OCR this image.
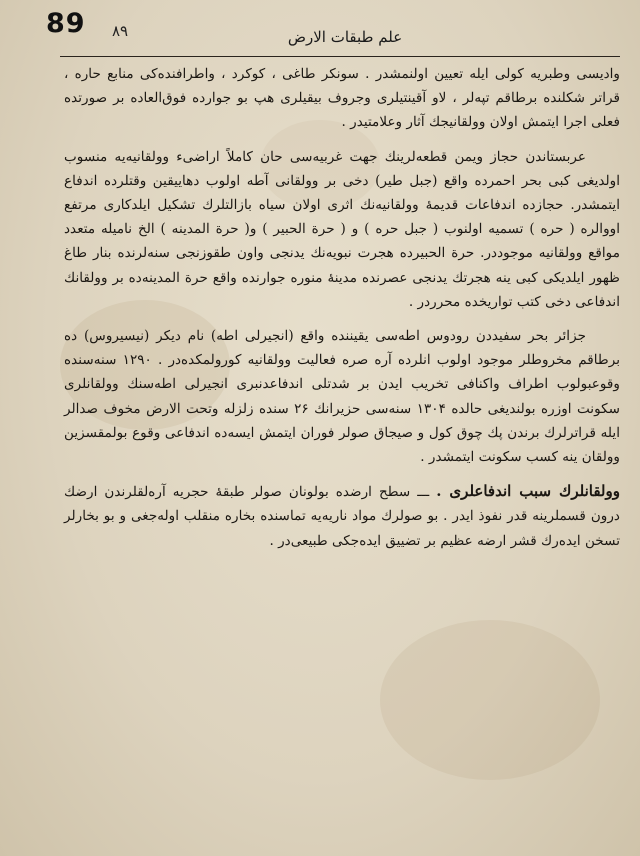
89 ٨٩	علم طبقات الارض

وادیسی وطبریه کولی ایله تعیین اولنمشدر . سونکر طاغی ، کوکرد ، واطرافنده‌کی منابع حاره ، قراتر شکلنده برطاقم تپه‌لر ، لاو آقینتیلری وجروف بیقیلری هپ بو جوارده فوق‌العاده بر صورتده فعلی اجرا ایتمش اولان وولقانیجك آثار وعلامتیدر .

عربستاندن حجاز ویمن قطعه‌لرینك جهت غربیه‌سی حان کاملاً اراضیء وولقانیه‌یه منسوب اولدیغی کبی بحر احمرده واقع (جبل طیر) دخی بر وولقانی آطه اولوب دهاییقین وقتلرده اندفاع ایتمشدر. حجازده اندفاعات قدیمهٔ وولقانیه‌نك اثری اولان سیاه بازالتلرك تشکیل ایلدکاری مرتفع اووا‌لره ( حره ) تسمیه اولنوب ( جبل حره ) و ( حرة الحبیر ) و( حرة المدینه ) الخ نامیله متعدد مواقع وولقانیه موجوددر. حرة الحبیرده هجرت نبویه‌نك یدنجی واون طقوزنجی سنه‌لرنده بنار طاغ ظهور ایلدیکی کبی ینه هجرتك یدنجی عصرنده مدینهٔ منوره جوارنده واقع حرة المدینه‌ده بر وولقانك اندفاعی دخی کتب تواریخده محرردر .

جزائر بحر سفیددن رودوس اطه‌سی یقیننده واقع (انجیرلی اطه) نام دیکر (نیسیروس) ده برطاقم مخروطلر موجود اولوب انلرده آره صره فعالیت وولقانیه کورولمکده‌در . ۱۲۹۰ سنه‌سنده وقوعبولوب اطراف واکنافی تخریب ایدن بر شدتلی اندفاعدنبری انجیرلی اطه‌سنك وولقانلری سکونت اوزره بولندیغی حالده ۱۳۰۴ سنه‌سی حزیرانك ۲۶ سنده زلزله وتحت الارض مخوف صدالر ایله قراترلرك برندن پك چوق کول و صیجاق صولر فوران ایتمش ایسه‌ده اندفاعی وقوع بولمقسزین وولقان ینه کسب سکونت ایتمشدر .

وولقانلرك سبب اندفاعلری . ـــ سطح ارضده بولونان صولر طبقهٔ حجریه آره‌لقلرندن ارضك درون قسملرینه قدر نفوذ ایدر . بو صولرك مواد ناریه‌یه تماسنده بخاره منقلب اوله‌جغی و بو بخارلر تسخن ایده‌رك قشر ارضه عظیم بر تضییق ایده‌جکی طبیعی‌در .
